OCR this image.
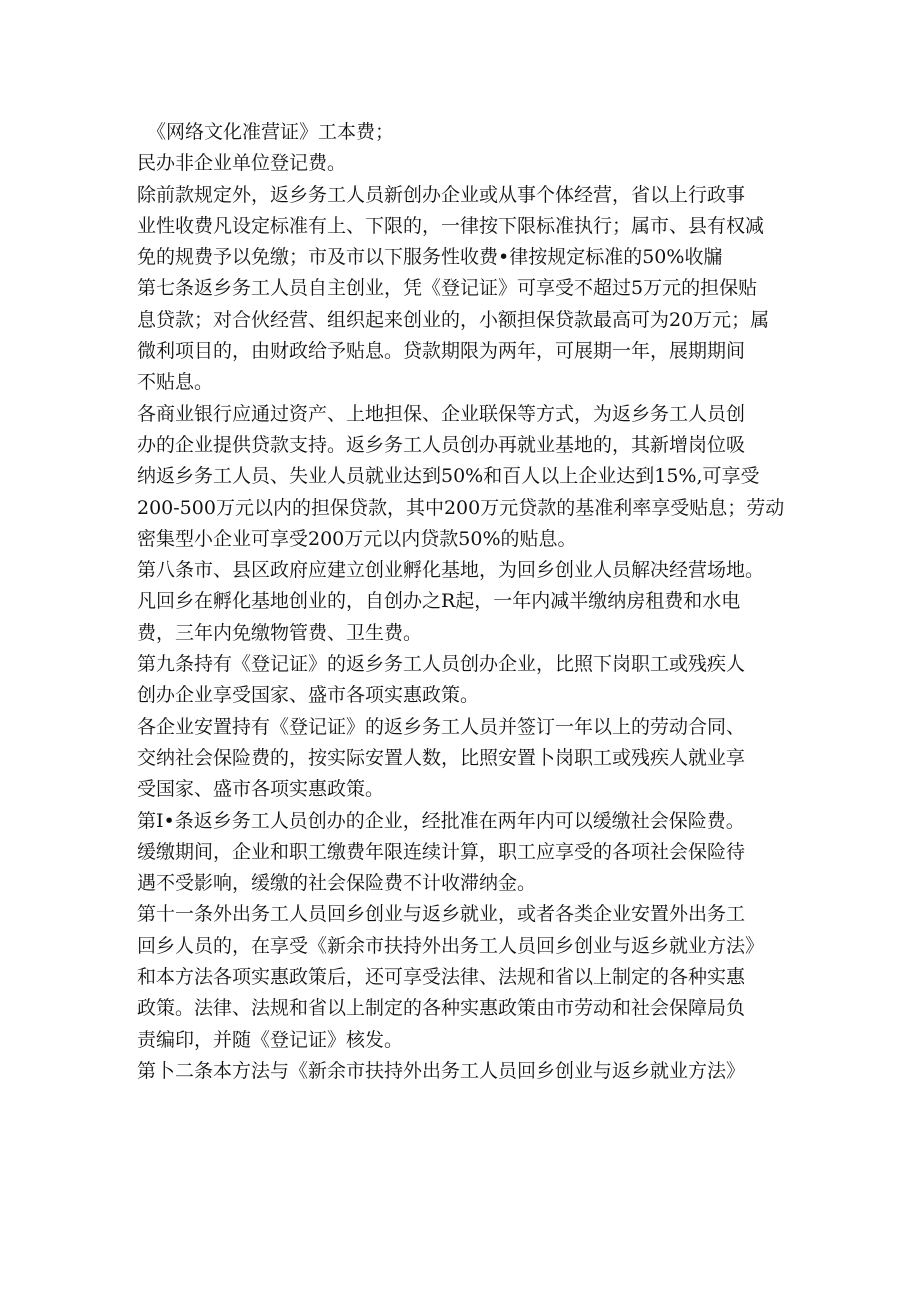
《网络文化准营证》工本费；

民办非企业单位登记费。

除前款规定外，返乡务工人员新创办企业或从事个体经营，省以上行政事

业性收费凡设定标准有上、下限的，一律按下限标准执行；属市、县有权减

免的规费予以免缴；市及市以下服务性收费•律按规定标准的50%收牖

第七条返乡务工人员自主创业，凭《登记证》可享受不超过5万元的担保贴

息贷款；对合伙经营、组织起来创业的，小额担保贷款最高可为20万元；属

微利项目的，由财政给予贴息。贷款期限为两年，可展期一年，展期期间

不贴息。

各商业银行应通过资产、上地担保、企业联保等方式，为返乡务工人员创

办的企业提供贷款支持。返乡务工人员创办再就业基地的，其新增岗位吸

纳返乡务工人员、失业人员就业达到50%和百人以上企业达到15%,可享受

200-500万元以内的担保贷款，其中200万元贷款的基准利率享受贴息；劳动

密集型小企业可享受200万元以内贷款50%的贴息。

第八条市、县区政府应建立创业孵化基地，为回乡创业人员解决经营场地。

凡回乡在孵化基地创业的，自创办之R起，一年内减半缴纳房租费和水电

费，三年内免缴物管费、卫生费。

第九条持有《登记证》的返乡务工人员创办企业，比照下岗职工或残疾人

创办企业享受国家、盛市各项实惠政策。

各企业安置持有《登记证》的返乡务工人员并签订一年以上的劳动合同、

交纳社会保险费的，按实际安置人数，比照安置卜岗职工或残疾人就业享

受国家、盛市各项实惠政策。

第I•条返乡务工人员创办的企业，经批准在两年内可以缓缴社会保险费。

缓缴期间，企业和职工缴费年限连续计算，职工应享受的各项社会保险待

遇不受影响，缓缴的社会保险费不计收滞纳金。

第十一条外出务工人员回乡创业与返乡就业，或者各类企业安置外出务工

回乡人员的，在享受《新余市扶持外出务工人员回乡创业与返乡就业方法》

和本方法各项实惠政策后，还可享受法律、法规和省以上制定的各种实惠

政策。法律、法规和省以上制定的各种实惠政策由市劳动和社会保障局负

责编印，并随《登记证》核发。

第卜二条本方法与《新余市扶持外出务工人员回乡创业与返乡就业方法》
